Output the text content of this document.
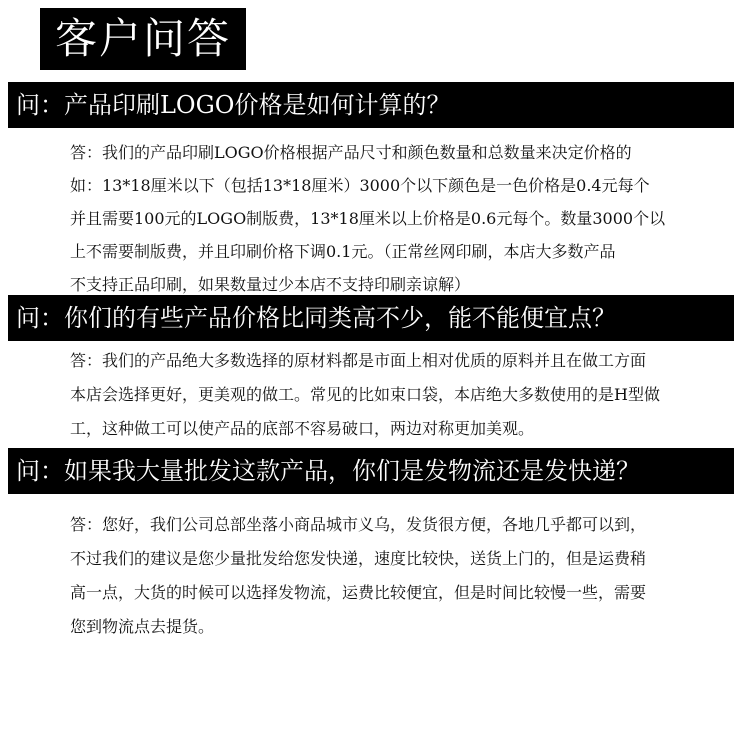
客户问答
问：产品印刷LOGO价格是如何计算的？
答：我们的产品印刷LOGO价格根据产品尺寸和颜色数量和总数量来决定价格的
如：13*18厘米以下（包括13*18厘米）3000个以下颜色是一色价格是0.4元每个
并且需要100元的LOGO制版费，13*18厘米以上价格是0.6元每个。数量3000个以
上不需要制版费，并且印刷价格下调0.1元。（正常丝网印刷，本店大多数产品
不支持正品印刷，如果数量过少本店不支持印刷亲谅解）
问：你们的有些产品价格比同类高不少，能不能便宜点？
答：我们的产品绝大多数选择的原材料都是市面上相对优质的原料并且在做工方面
本店会选择更好，更美观的做工。常见的比如束口袋，本店绝大多数使用的是H型做
工，这种做工可以使产品的底部不容易破口，两边对称更加美观。
问：如果我大量批发这款产品，你们是发物流还是发快递？
答：您好，我们公司总部坐落小商品城市义乌，发货很方便，各地几乎都可以到，
不过我们的建议是您少量批发给您发快递，速度比较快，送货上门的，但是运费稍
高一点，大货的时候可以选择发物流，运费比较便宜，但是时间比较慢一些，需要
您到物流点去提货。
